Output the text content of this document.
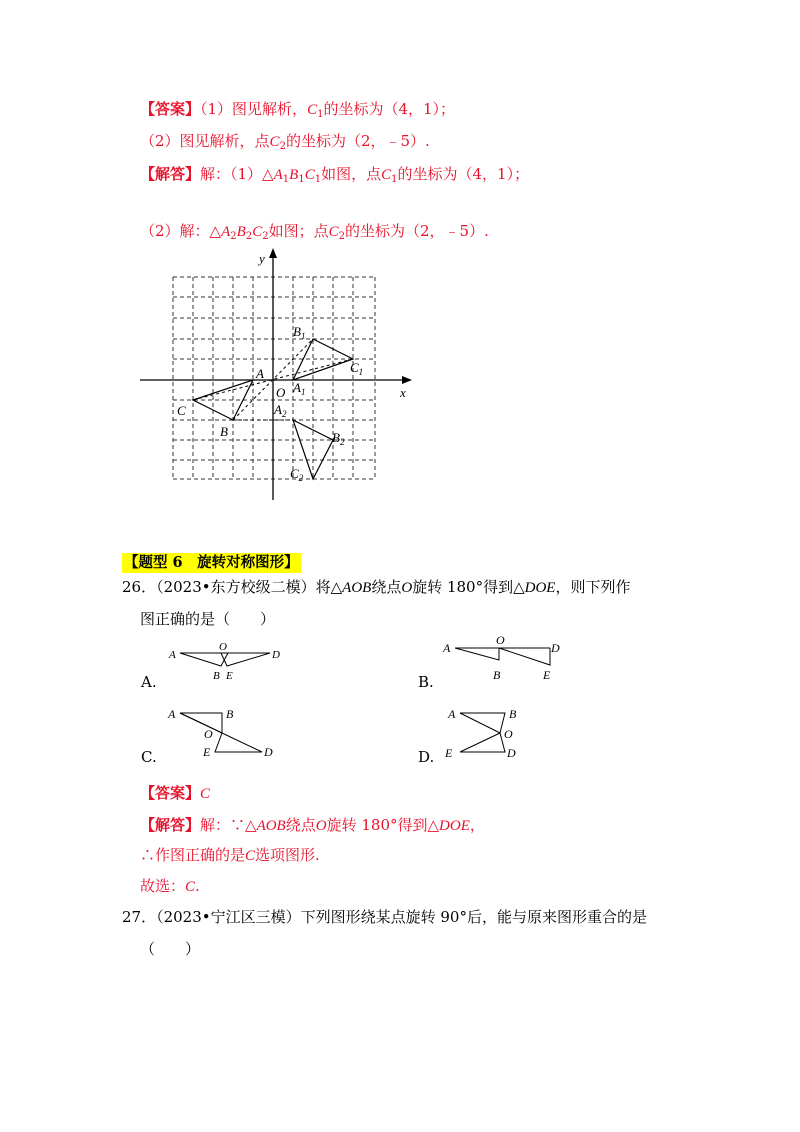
【答案】（1）图见解析，$C_1$的坐标为（4，1）；
（2）图见解析，点$C_2$的坐标为（2，﹣5）.
【解答】解：$(1)\triangle A_1B_1C_1$如图，点$C_1$的坐标为（4，1）；
（2）解：$\triangle A_2B_2C_2$如图；点$C_2$的坐标为（2，﹣5）.
x
y
O
A
B
C
$A_1$
$B_1$
$C_1$
$A_2$
$B_2$
$C_2$
【题型 6　旋转对称图形】
26．（2023•东方校级二模）将△AOB绕点O旋转 180°得到△DOE，则下列作
图正确的是（　　）
A
O
D
B E
A.
A
O
D
B	E
B.
A	B
O
E	D
C.
A	B
O
E	D
D.
【答案】C
【解答】解：∵△AOB绕点O旋转 180°得到△DOE，
∴作图正确的是C选项图形.
故选：C.
27．（2023•宁江区三模）下列图形绕某点旋转 90°后，能与原来图形重合的是
（　　）
